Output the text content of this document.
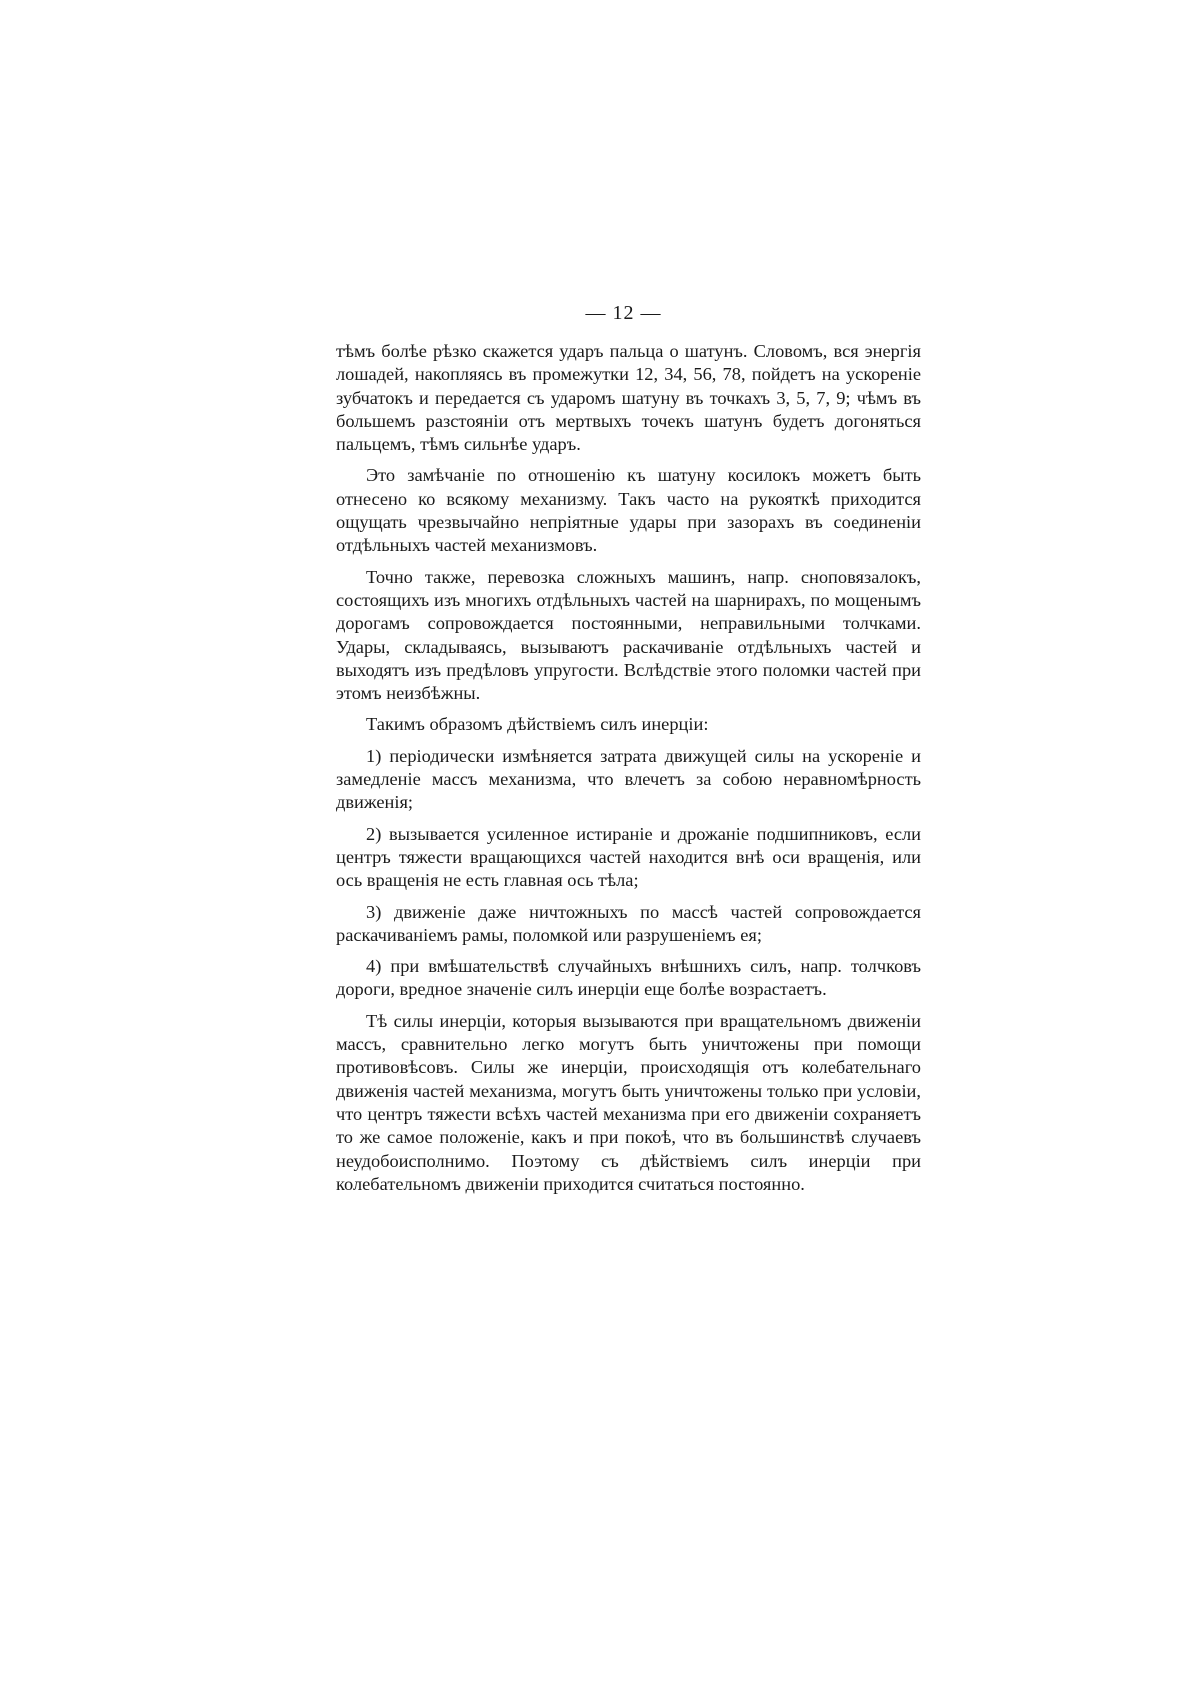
— 12 —

тѣмъ болѣе рѣзко скажется ударъ пальца о шатунъ. Словомъ, вся энергія лошадей, накопляясь въ промежутки 12, 34, 56, 78, пойдетъ на ускореніе зубчатокъ и передается съ ударомъ шатуну въ точкахъ 3, 5, 7, 9; чѣмъ въ большемъ разстояніи отъ мертвыхъ точекъ шатунъ будетъ догоняться пальцемъ, тѣмъ сильнѣе ударъ.

Это замѣчаніе по отношенію къ шатуну косилокъ можетъ быть отнесено ко всякому механизму. Такъ часто на рукояткѣ приходится ощущать чрезвычайно непріятные удары при зазорахъ въ соединеніи отдѣльныхъ частей механизмовъ.

Точно также, перевозка сложныхъ машинъ, напр. сноповязалокъ, состоящихъ изъ многихъ отдѣльныхъ частей на шарнирахъ, по мощенымъ дорогамъ сопровождается постоянными, неправильными толчками. Удары, складываясь, вызываютъ раскачиваніе отдѣльныхъ частей и выходятъ изъ предѣловъ упругости. Вслѣдствіе этого поломки частей при этомъ неизбѣжны.

Такимъ образомъ дѣйствіемъ силъ инерціи:

1) періодически измѣняется затрата движущей силы на ускореніе и замедленіе массъ механизма, что влечетъ за собою неравномѣрность движенія;

2) вызывается усиленное истираніе и дрожаніе подшипниковъ, если центръ тяжести вращающихся частей находится внѣ оси вращенія, или ось вращенія не есть главная ось тѣла;

3) движеніе даже ничтожныхъ по массѣ частей сопровождается раскачиваніемъ рамы, поломкой или разрушеніемъ ея;

4) при вмѣшательствѣ случайныхъ внѣшнихъ силъ, напр. толчковъ дороги, вредное значеніе силъ инерціи еще болѣе возрастаетъ.

Тѣ силы инерціи, которыя вызываются при вращательномъ движеніи массъ, сравнительно легко могутъ быть уничтожены при помощи противовѣсовъ. Силы же инерціи, происходящія отъ колебательнаго движенія частей механизма, могутъ быть уничтожены только при условіи, что центръ тяжести всѣхъ частей механизма при его движеніи сохраняетъ то же самое положеніе, какъ и при покоѣ, что въ большинствѣ случаевъ неудобоисполнимо. Поэтому съ дѣйствіемъ силъ инерціи при колебательномъ движеніи приходится считаться постоянно.
